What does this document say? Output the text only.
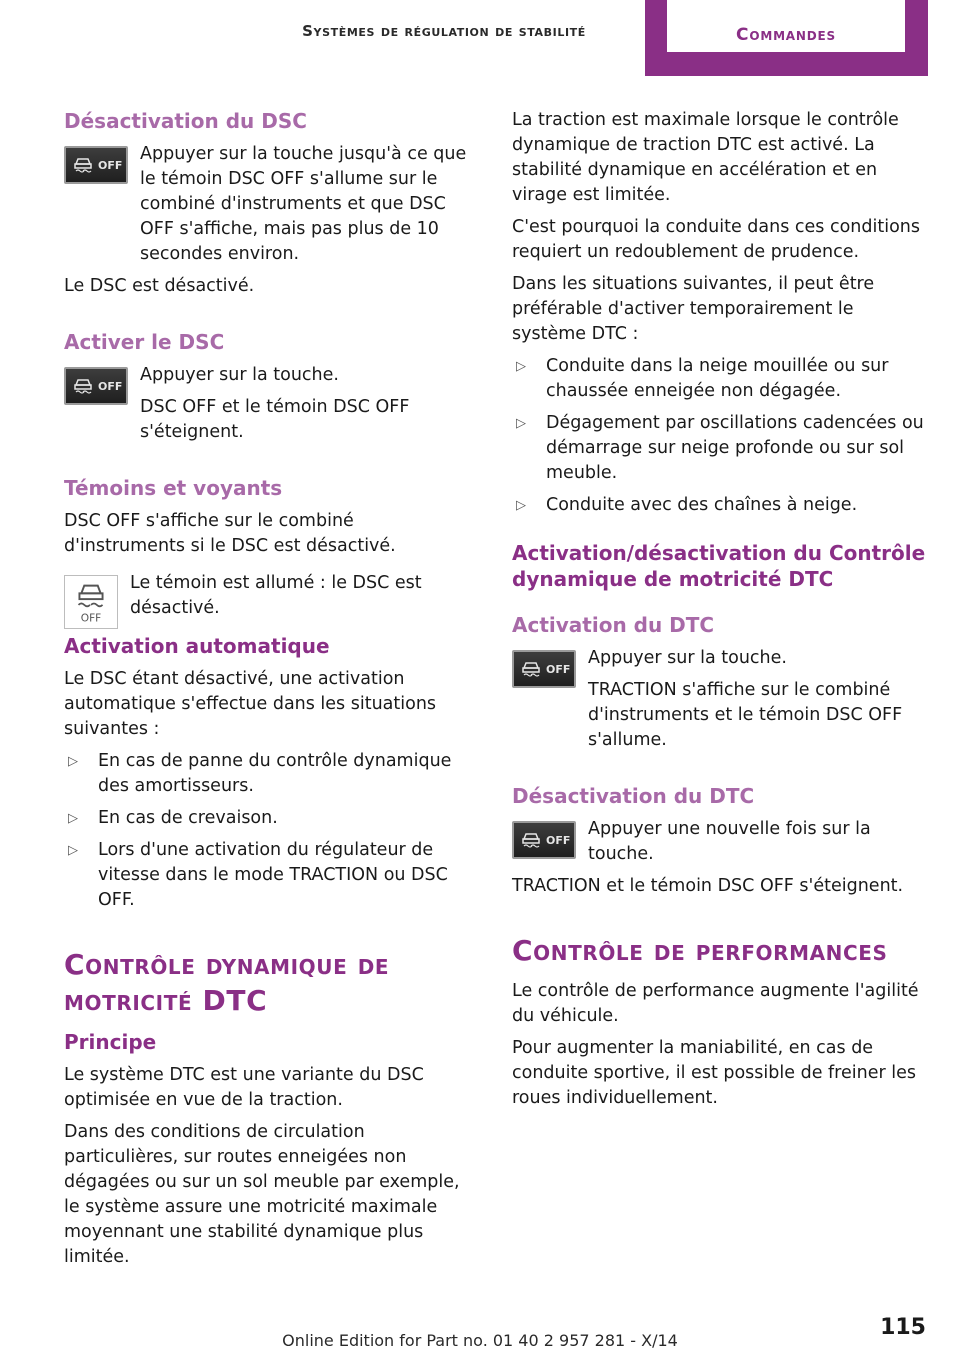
Systèmes de régulation de stabilité	Commandes
Désactivation du DSC
OFF

Appuyer sur la touche jusqu'à ce que le témoin DSC OFF s'allume sur le combiné d'instruments et que DSC OFF s'affiche, mais pas plus de 10 secondes environ.

Le DSC est désactivé.

Activer le DSC
OFF

Appuyer sur la touche.

DSC OFF et le témoin DSC OFF s'éteignent.

Témoins et voyants

DSC OFF s'affiche sur le combiné d'instruments si le DSC est désactivé.

OFF

Le témoin est allumé : le DSC est désactivé.

Activation automatique

Le DSC étant désactivé, une activation automatique s'effectue dans les situations suivantes :

▷ En cas de panne du contrôle dynamique des amortisseurs.
▷ En cas de crevaison.
▷ Lors d'une activation du régulateur de vitesse dans le mode TRACTION ou DSC OFF.
Contrôle dynamique de motricité DTC
Principe

Le système DTC est une variante du DSC optimisée en vue de la traction.

Dans des conditions de circulation particulières, sur routes enneigées non dégagées ou sur un sol meuble par exemple, le système assure une motricité maximale moyennant une stabilité dynamique plus limitée.

La traction est maximale lorsque le contrôle dynamique de traction DTC est activé. La stabilité dynamique en accélération et en virage est limitée.

C'est pourquoi la conduite dans ces conditions requiert un redoublement de prudence.

Dans les situations suivantes, il peut être préférable d'activer temporairement le système DTC :

▷ Conduite dans la neige mouillée ou sur chaussée enneigée non dégagée.
▷ Dégagement par oscillations cadencées ou démarrage sur neige profonde ou sur sol meuble.
▷ Conduite avec des chaînes à neige.
Activation/désactivation du Contrôle dynamique de motricité DTC
Activation du DTC
OFF

Appuyer sur la touche.

TRACTION s'affiche sur le combiné d'instruments et le témoin DSC OFF s'allume.

Désactivation du DTC
OFF

Appuyer une nouvelle fois sur la touche.

TRACTION et le témoin DSC OFF s'éteignent.

Contrôle de performances

Le contrôle de performance augmente l'agilité du véhicule.

Pour augmenter la maniabilité, en cas de conduite sportive, il est possible de freiner les roues individuellement.

115
Online Edition for Part no. 01 40 2 957 281 - X/14
